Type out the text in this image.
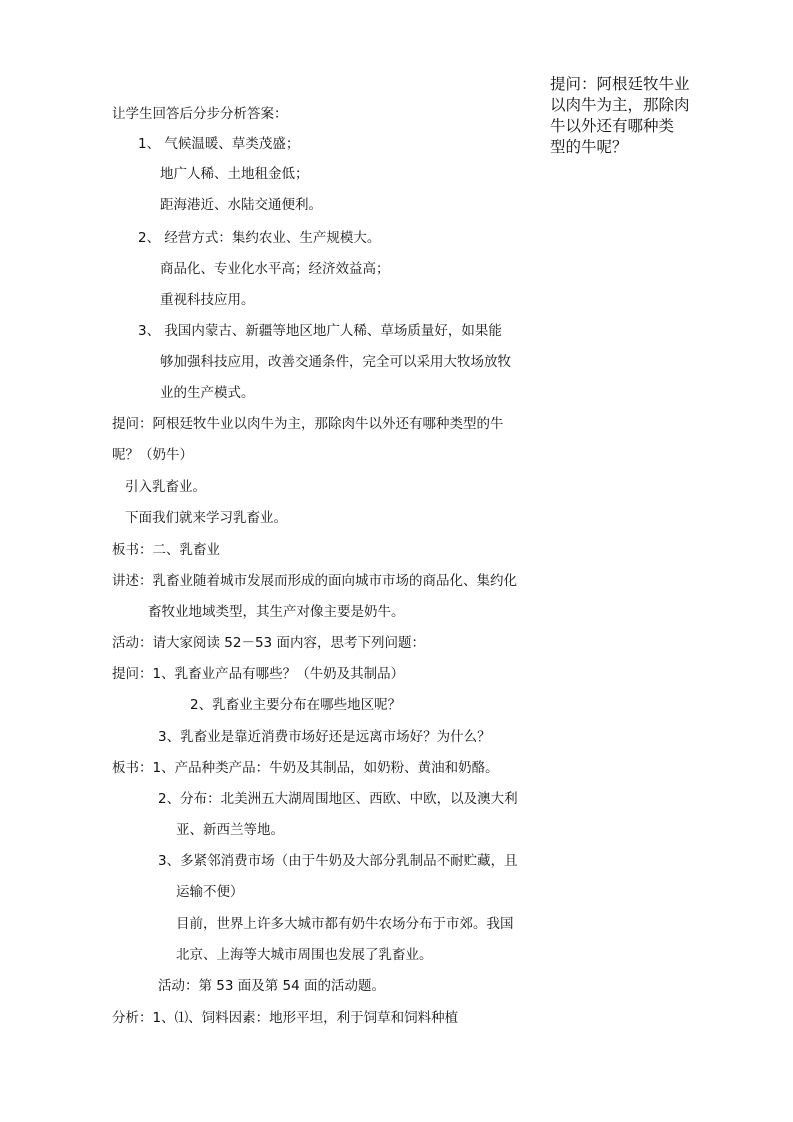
提问：阿根廷牧牛业
以肉牛为主，那除肉
牛以外还有哪种类
型的牛呢？
让学生回答后分步分析答案：
1、 气候温暖、草类茂盛；
地广人稀、土地租金低；
距海港近、水陆交通便利。
2、 经营方式：集约农业、生产规模大。
商品化、专业化水平高；经济效益高；
重视科技应用。
3、 我国内蒙古、新疆等地区地广人稀、草场质量好，如果能
够加强科技应用，改善交通条件，完全可以采用大牧场放牧
业的生产模式。
提问：阿根廷牧牛业以肉牛为主，那除肉牛以外还有哪种类型的牛
呢？（奶牛）
引入乳畜业。
下面我们就来学习乳畜业。
板书：二、乳畜业
讲述：乳畜业随着城市发展而形成的面向城市市场的商品化、集约化
畜牧业地域类型，其生产对像主要是奶牛。
活动：请大家阅读 52－53 面内容，思考下列问题：
提问：1、乳畜业产品有哪些？（牛奶及其制品）
2、乳畜业主要分布在哪些地区呢？
3、乳畜业是靠近消费市场好还是远离市场好？为什么？
板书：1、产品种类产品：牛奶及其制品，如奶粉、黄油和奶酪。
2、分布：北美洲五大湖周围地区、西欧、中欧，以及澳大利
亚、新西兰等地。
3、多紧邻消费市场（由于牛奶及大部分乳制品不耐贮藏，且
运输不便）
目前，世界上许多大城市都有奶牛农场分布于市郊。我国
北京、上海等大城市周围也发展了乳畜业。
活动：第 53 面及第 54 面的活动题。
分析：1、⑴、饲料因素：地形平坦，利于饲草和饲料种植
